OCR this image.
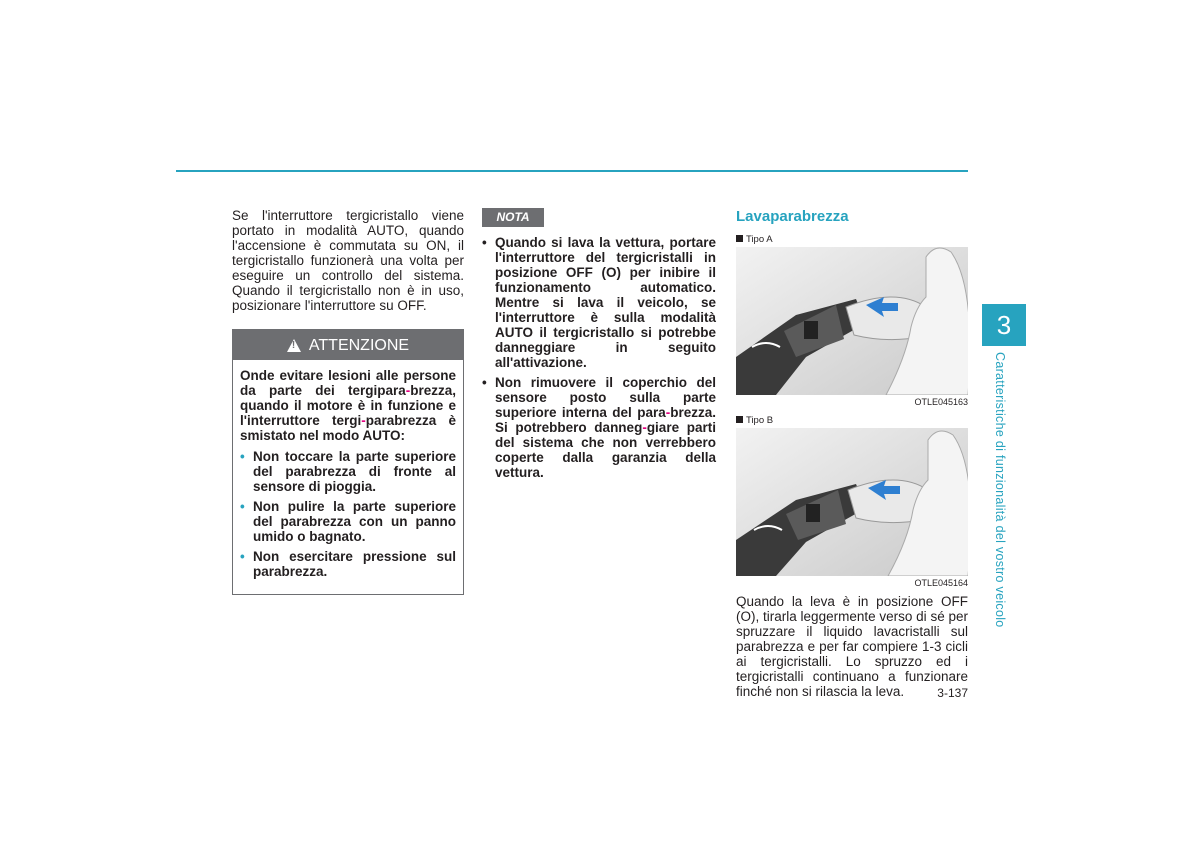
Se l'interruttore tergicristallo viene portato in modalità AUTO, quando l'accensione è commutata su ON, il tergicristallo funzionerà una volta per eseguire un controllo del sistema. Quando il tergicristallo non è in uso, posizionare l'interruttore su OFF.

!
ATTENZIONE

Onde evitare lesioni alle persone da parte dei tergipara-brezza, quando il motore è in funzione e l'interruttore tergi-parabrezza è smistato nel modo AUTO:

• Non toccare la parte superiore del parabrezza di fronte al sensore di pioggia.
• Non pulire la parte superiore del parabrezza con un panno umido o bagnato.
• Non esercitare pressione sul parabrezza.
NOTA
• Quando si lava la vettura, portare l'interruttore del tergicristalli in posizione OFF (O) per inibire il funzionamento automatico. Mentre si lava il veicolo, se l'interruttore è sulla modalità AUTO il tergicristallo si potrebbe danneggiare in seguito all'attivazione.
• Non rimuovere il coperchio del sensore posto sulla parte superiore interna del para-brezza. Si potrebbero danneg-giare parti del sistema che non verrebbero coperte dalla garanzia della vettura.
Lavaparabrezza
Tipo A
OTLE045163
Tipo B
OTLE045164

Quando la leva è in posizione OFF (O), tirarla leggermente verso di sé per spruzzare il liquido lavacristalli sul parabrezza e per far compiere 1-3 cicli ai tergicristalli. Lo spruzzo ed i tergicristalli continuano a funzionare finché non si rilascia la leva.

3
Caratteristiche di funzionalità del vostro veicolo
3-137
